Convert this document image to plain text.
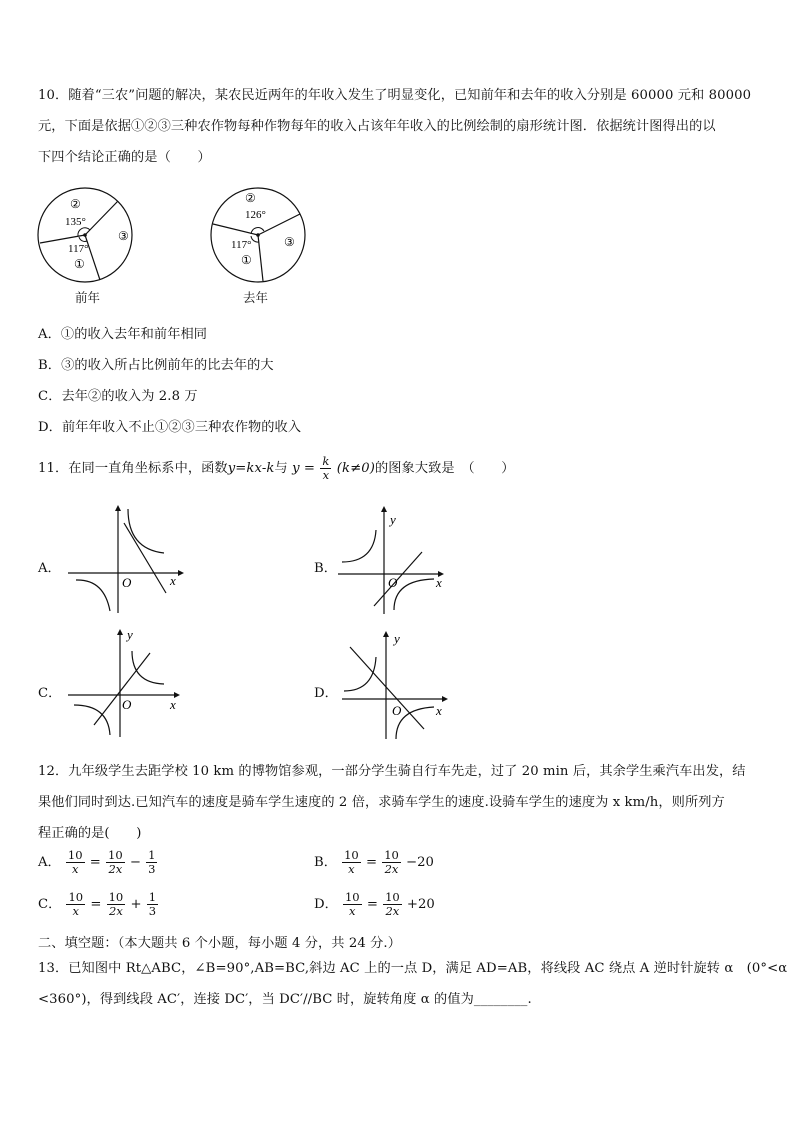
10．随着“三农”问题的解决，某农民近两年的年收入发生了明显变化，已知前年和去年的收入分别是 60000 元和 80000
元，下面是依据①②③三种农作物每种作物每年的收入占该年年收入的比例绘制的扇形统计图．依据统计图得出的以
下四个结论正确的是（　　）
②
135°
117°
①
③
前年
②
126°
117°
①
③
去年
A．①的收入去年和前年相同
B．③的收入所占比例前年的比去年的大
C．去年②的收入为 2.8 万
D．前年年收入不止①②③三种农作物的收入
11．在同一直角坐标系中，函数y=kx-k与 $y = \frac{k}{x} (k\ne 0)$的图象大致是　（　　）
A．
O	x
B．
y
O	x
C．
y
O	x
D．
y
O	x
12．九年级学生去距学校 10 km 的博物馆参观，一部分学生骑自行车先走，过了 20 min 后，其余学生乘汽车出发，结
果他们同时到达.已知汽车的速度是骑车学生速度的 2 倍，求骑车学生的速度.设骑车学生的速度为 x km/h，则所列方
程正确的是(　　)
A． $\frac{10}{x} = \frac{10}{2x} - \frac{1}{3}$	B． $\frac{10}{x} = \frac{10}{2x} -20$
C． $\frac{10}{x} = \frac{10}{2x} + \frac{1}{3}$	D． $\frac{10}{x} = \frac{10}{2x} +20$
二、填空题：（本大题共 6 个小题，每小题 4 分，共 24 分.）
13．已知图中 Rt△ABC，∠B=90°,AB=BC,斜边 AC 上的一点 D，满足 AD=AB，将线段 AC 绕点 A 逆时针旋转 α　(0°<α
<360°)，得到线段 AC′，连接 DC′，当 DC′//BC 时，旋转角度 α 的值为________.
